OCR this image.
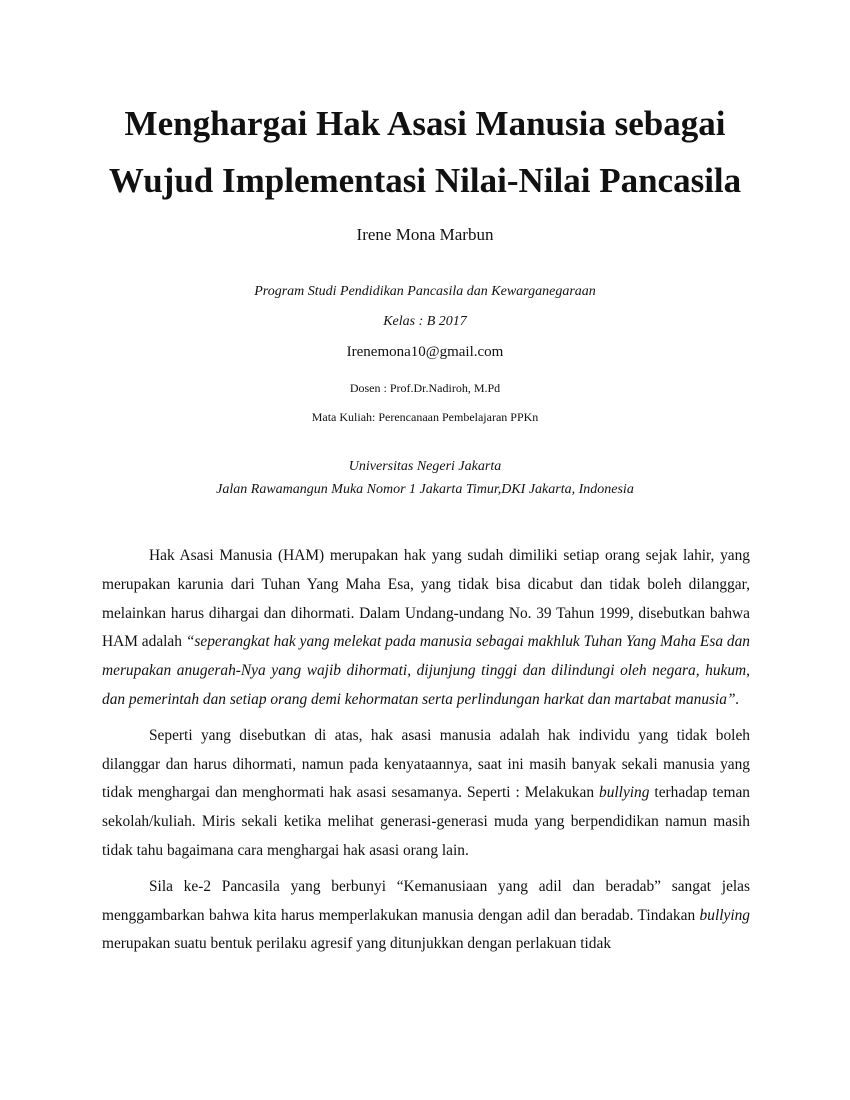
Menghargai Hak Asasi Manusia sebagai
Wujud Implementasi Nilai-Nilai Pancasila

Irene Mona Marbun

Program Studi Pendidikan Pancasila dan Kewarganegaraan

Kelas : B 2017

Irenemona10@gmail.com

Dosen : Prof.Dr.Nadiroh, M.Pd

Mata Kuliah: Perencanaan Pembelajaran PPKn

Universitas Negeri Jakarta

Jalan Rawamangun Muka Nomor 1 Jakarta Timur,DKI Jakarta, Indonesia

Hak Asasi Manusia (HAM) merupakan hak yang sudah dimiliki setiap orang sejak lahir, yang merupakan karunia dari Tuhan Yang Maha Esa, yang tidak bisa dicabut dan tidak boleh dilanggar, melainkan harus dihargai dan dihormati. Dalam Undang-undang No. 39 Tahun 1999, disebutkan bahwa HAM adalah “seperangkat hak yang melekat pada manusia sebagai makhluk Tuhan Yang Maha Esa dan merupakan anugerah-Nya yang wajib dihormati, dijunjung tinggi dan dilindungi oleh negara, hukum, dan pemerintah dan setiap orang demi kehormatan serta perlindungan harkat dan martabat manusia”.

Seperti yang disebutkan di atas, hak asasi manusia adalah hak individu yang tidak boleh dilanggar dan harus dihormati, namun pada kenyataannya, saat ini masih banyak sekali manusia yang tidak menghargai dan menghormati hak asasi sesamanya. Seperti : Melakukan bullying terhadap teman sekolah/kuliah. Miris sekali ketika melihat generasi-generasi muda yang berpendidikan namun masih tidak tahu bagaimana cara menghargai hak asasi orang lain.

Sila ke-2 Pancasila yang berbunyi “Kemanusiaan yang adil dan beradab” sangat jelas menggambarkan bahwa kita harus memperlakukan manusia dengan adil dan beradab. Tindakan bullying merupakan suatu bentuk perilaku agresif yang ditunjukkan dengan perlakuan tidak
